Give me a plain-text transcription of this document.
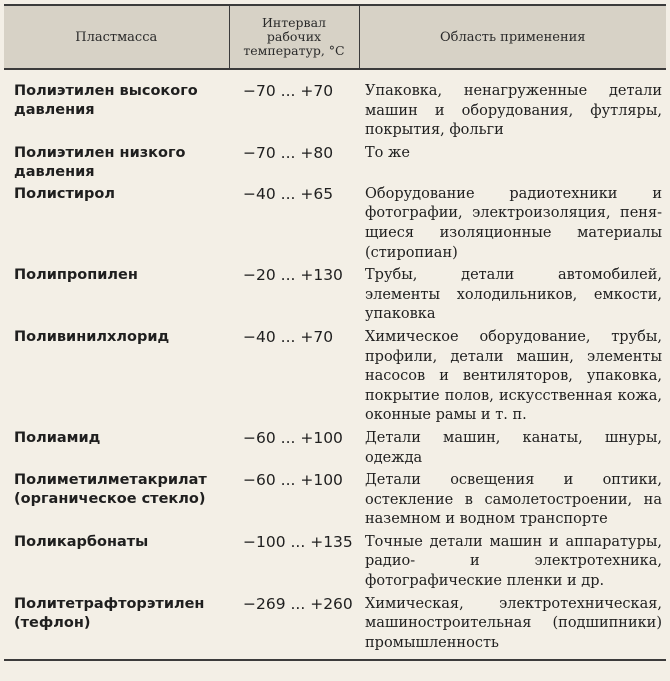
Пластмасса	Интервал рабочих температур, °С	Область применения
Полиэтилен высокого давления	−70 ... +70	Упаковка, ненагруженные детали машин и оборудования, футляры, покрытия, фольги
Полиэтилен низкого давления	−70 ... +80	То же
Полистирол	−40 ... +65	Оборудование радиотехники и фотографии, электроизоляция, пеня-щиеся изоляционные материалы (стиропиан)
Полипропилен	−20 ... +130	Трубы, детали автомобилей, элементы холодильников, емкости, упаковка
Поливинилхлорид	−40 ... +70	Химическое оборудование, трубы, профили, детали машин, элементы насосов и вентиляторов, упаковка, покрытие полов, искусственная кожа, оконные рамы и т. п.
Полиамид	−60 ... +100	Детали машин, канаты, шнуры, одежда
Полиметилметакрилат (органическое стекло)	−60 ... +100	Детали освещения и оптики, остекление в самолетостроении, на наземном и водном транспорте
Поликарбонаты	−100 ... +135	Точные детали машин и аппаратуры, радио- и электротехника, фотографические пленки и др.
Политетрафторэтилен (тефлон)	−269 ... +260	Химическая, электротехническая, машиностроительная (подшипники) промышленность
